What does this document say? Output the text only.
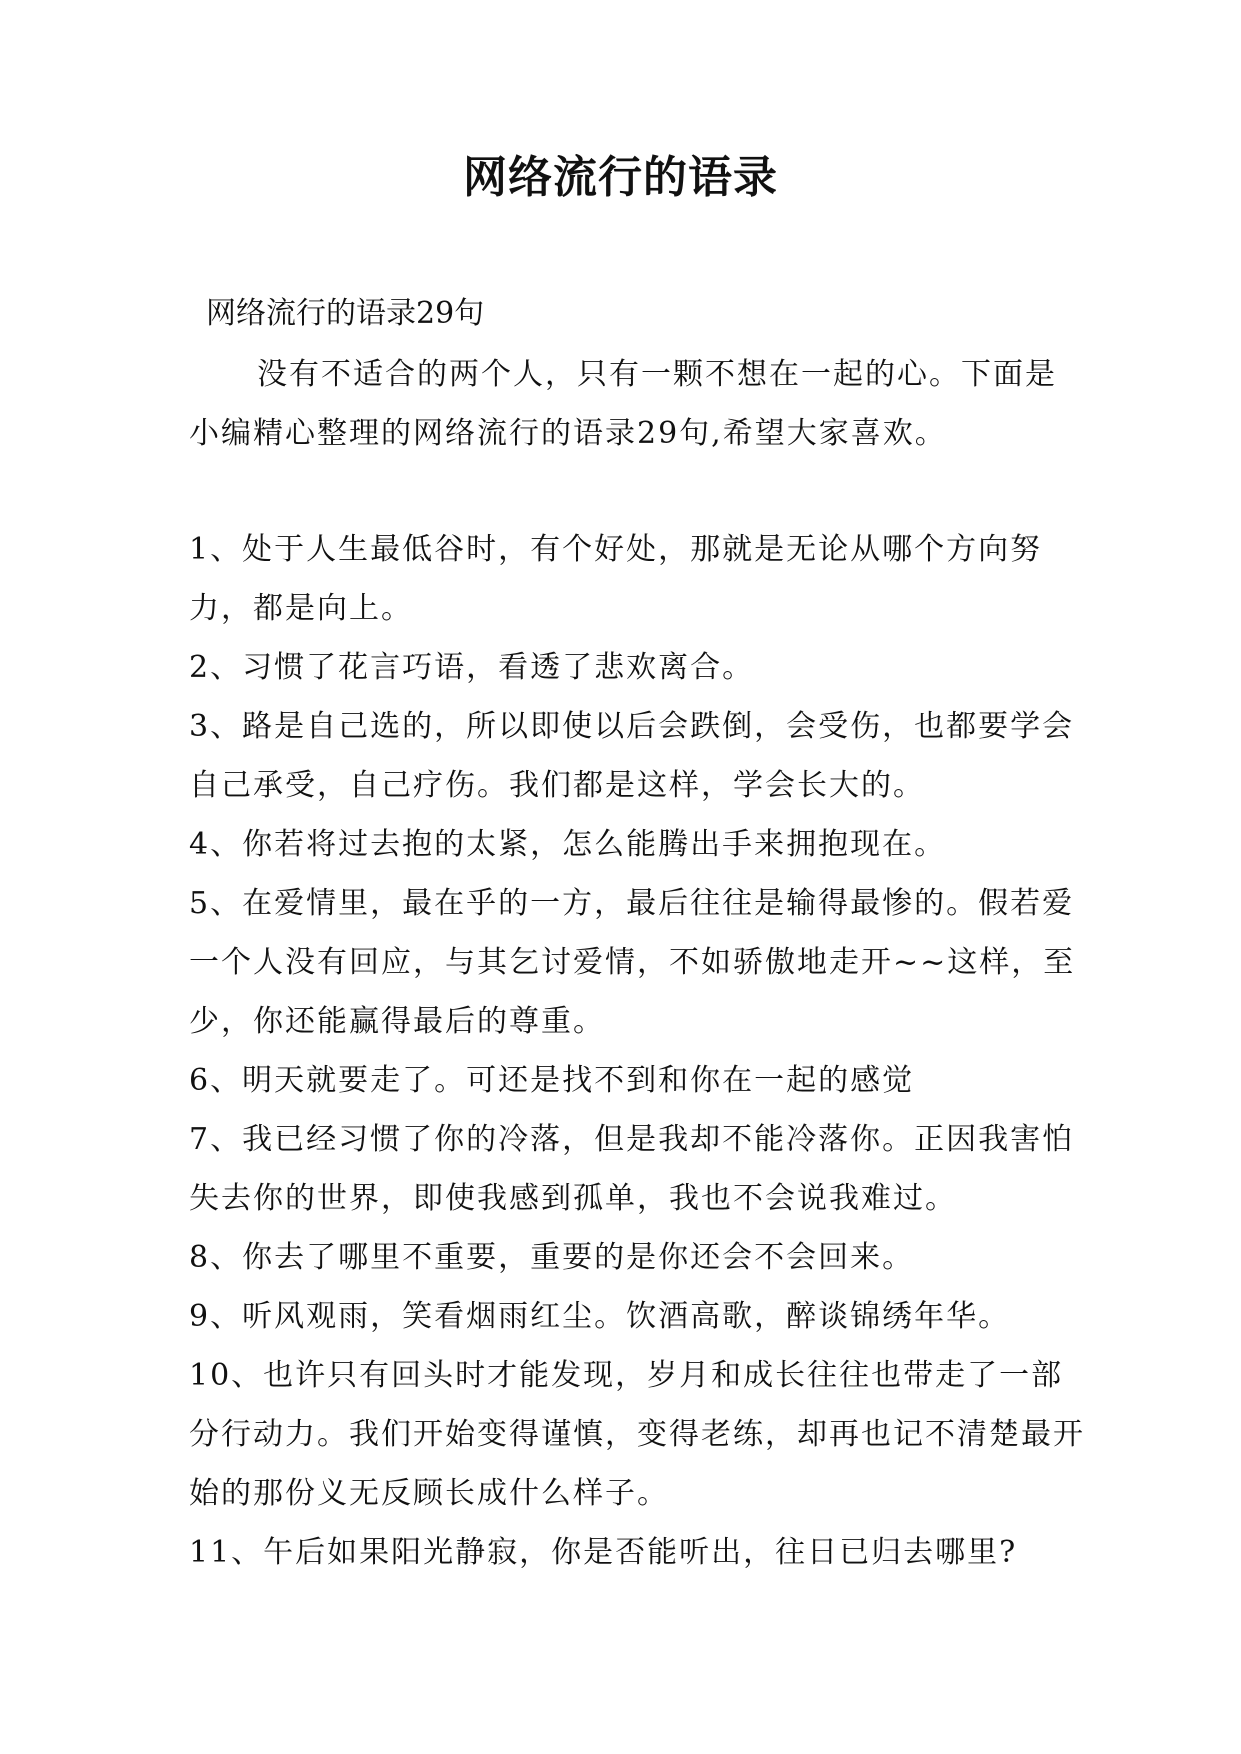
网络流行的语录
网络流行的语录29句
没有不适合的两个人，只有一颗不想在一起的心。下面是小编精心整理的网络流行的语录29句,希望大家喜欢。
1、处于人生最低谷时，有个好处，那就是无论从哪个方向努力，都是向上。
2、习惯了花言巧语，看透了悲欢离合。
3、路是自己选的，所以即使以后会跌倒，会受伤，也都要学会自己承受，自己疗伤。我们都是这样，学会长大的。
4、你若将过去抱的太紧，怎么能腾出手来拥抱现在。
5、在爱情里，最在乎的一方，最后往往是输得最惨的。假若爱一个人没有回应，与其乞讨爱情，不如骄傲地走开~~这样，至少，你还能赢得最后的尊重。
6、明天就要走了。可还是找不到和你在一起的感觉
7、我已经习惯了你的冷落，但是我却不能冷落你。正因我害怕失去你的世界，即使我感到孤单，我也不会说我难过。
8、你去了哪里不重要，重要的是你还会不会回来。
9、听风观雨，笑看烟雨红尘。饮酒高歌，醉谈锦绣年华。
10、也许只有回头时才能发现，岁月和成长往往也带走了一部分行动力。我们开始变得谨慎，变得老练，却再也记不清楚最开始的那份义无反顾长成什么样子。
11、午后如果阳光静寂，你是否能听出，往日已归去哪里?
